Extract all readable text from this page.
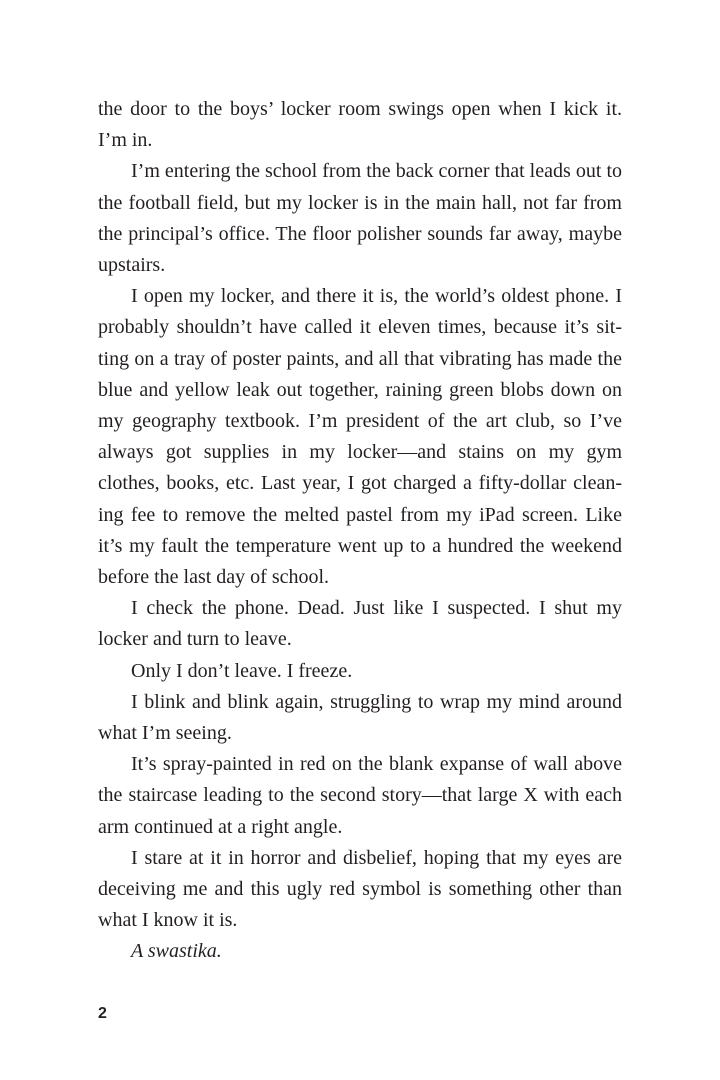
the door to the boys’ locker room swings open when I kick it. I’m in.

I’m entering the school from the back corner that leads out to the football field, but my locker is in the main hall, not far from the principal’s office. The floor polisher sounds far away, maybe upstairs.

I open my locker, and there it is, the world’s oldest phone. I probably shouldn’t have called it eleven times, because it’s sitting on a tray of poster paints, and all that vibrating has made the blue and yellow leak out together, raining green blobs down on my geography textbook. I’m president of the art club, so I’ve always got supplies in my locker—and stains on my gym clothes, books, etc. Last year, I got charged a fifty-dollar cleaning fee to remove the melted pastel from my iPad screen. Like it’s my fault the temperature went up to a hundred the weekend before the last day of school.

I check the phone. Dead. Just like I suspected. I shut my locker and turn to leave.

Only I don’t leave. I freeze.

I blink and blink again, struggling to wrap my mind around what I’m seeing.

It’s spray-painted in red on the blank expanse of wall above the staircase leading to the second story—that large X with each arm continued at a right angle.

I stare at it in horror and disbelief, hoping that my eyes are deceiving me and this ugly red symbol is something other than what I know it is.

A swastika.

2
